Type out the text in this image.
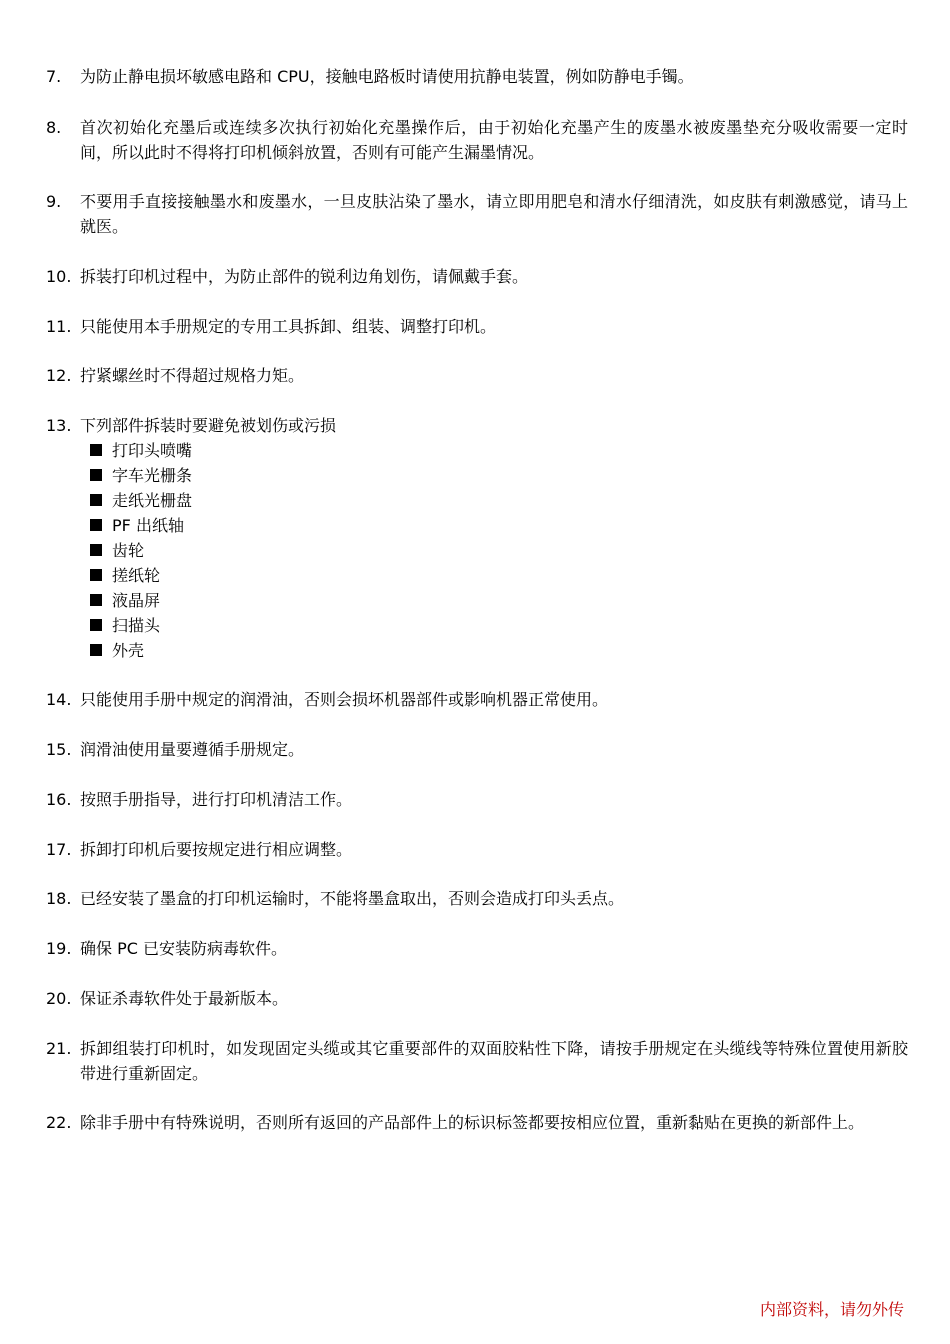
7.	为防止静电损坏敏感电路和 CPU，接触电路板时请使用抗静电装置，例如防静电手镯。
8.	首次初始化充墨后或连续多次执行初始化充墨操作后，由于初始化充墨产生的废墨水被废墨垫充分吸收需要一定时间，所以此时不得将打印机倾斜放置，否则有可能产生漏墨情况。
9.	不要用手直接接触墨水和废墨水，一旦皮肤沾染了墨水，请立即用肥皂和清水仔细清洗，如皮肤有刺激感觉，请马上就医。
10. 拆装打印机过程中，为防止部件的锐利边角划伤，请佩戴手套。
11. 只能使用本手册规定的专用工具拆卸、组装、调整打印机。
12. 拧紧螺丝时不得超过规格力矩。
13. 下列部件拆装时要避免被划伤或污损
打印头喷嘴
字车光栅条
走纸光栅盘
PF 出纸轴
齿轮
搓纸轮
液晶屏
扫描头
外壳
14. 只能使用手册中规定的润滑油，否则会损坏机器部件或影响机器正常使用。
15. 润滑油使用量要遵循手册规定。
16. 按照手册指导，进行打印机清洁工作。
17. 拆卸打印机后要按规定进行相应调整。
18. 已经安装了墨盒的打印机运输时，不能将墨盒取出，否则会造成打印头丢点。
19. 确保 PC 已安装防病毒软件。
20. 保证杀毒软件处于最新版本。
21. 拆卸组装打印机时，如发现固定头缆或其它重要部件的双面胶粘性下降，请按手册规定在头缆线等特殊位置使用新胶带进行重新固定。
22. 除非手册中有特殊说明，否则所有返回的产品部件上的标识标签都要按相应位置，重新黏贴在更换的新部件上。
内部资料，请勿外传
